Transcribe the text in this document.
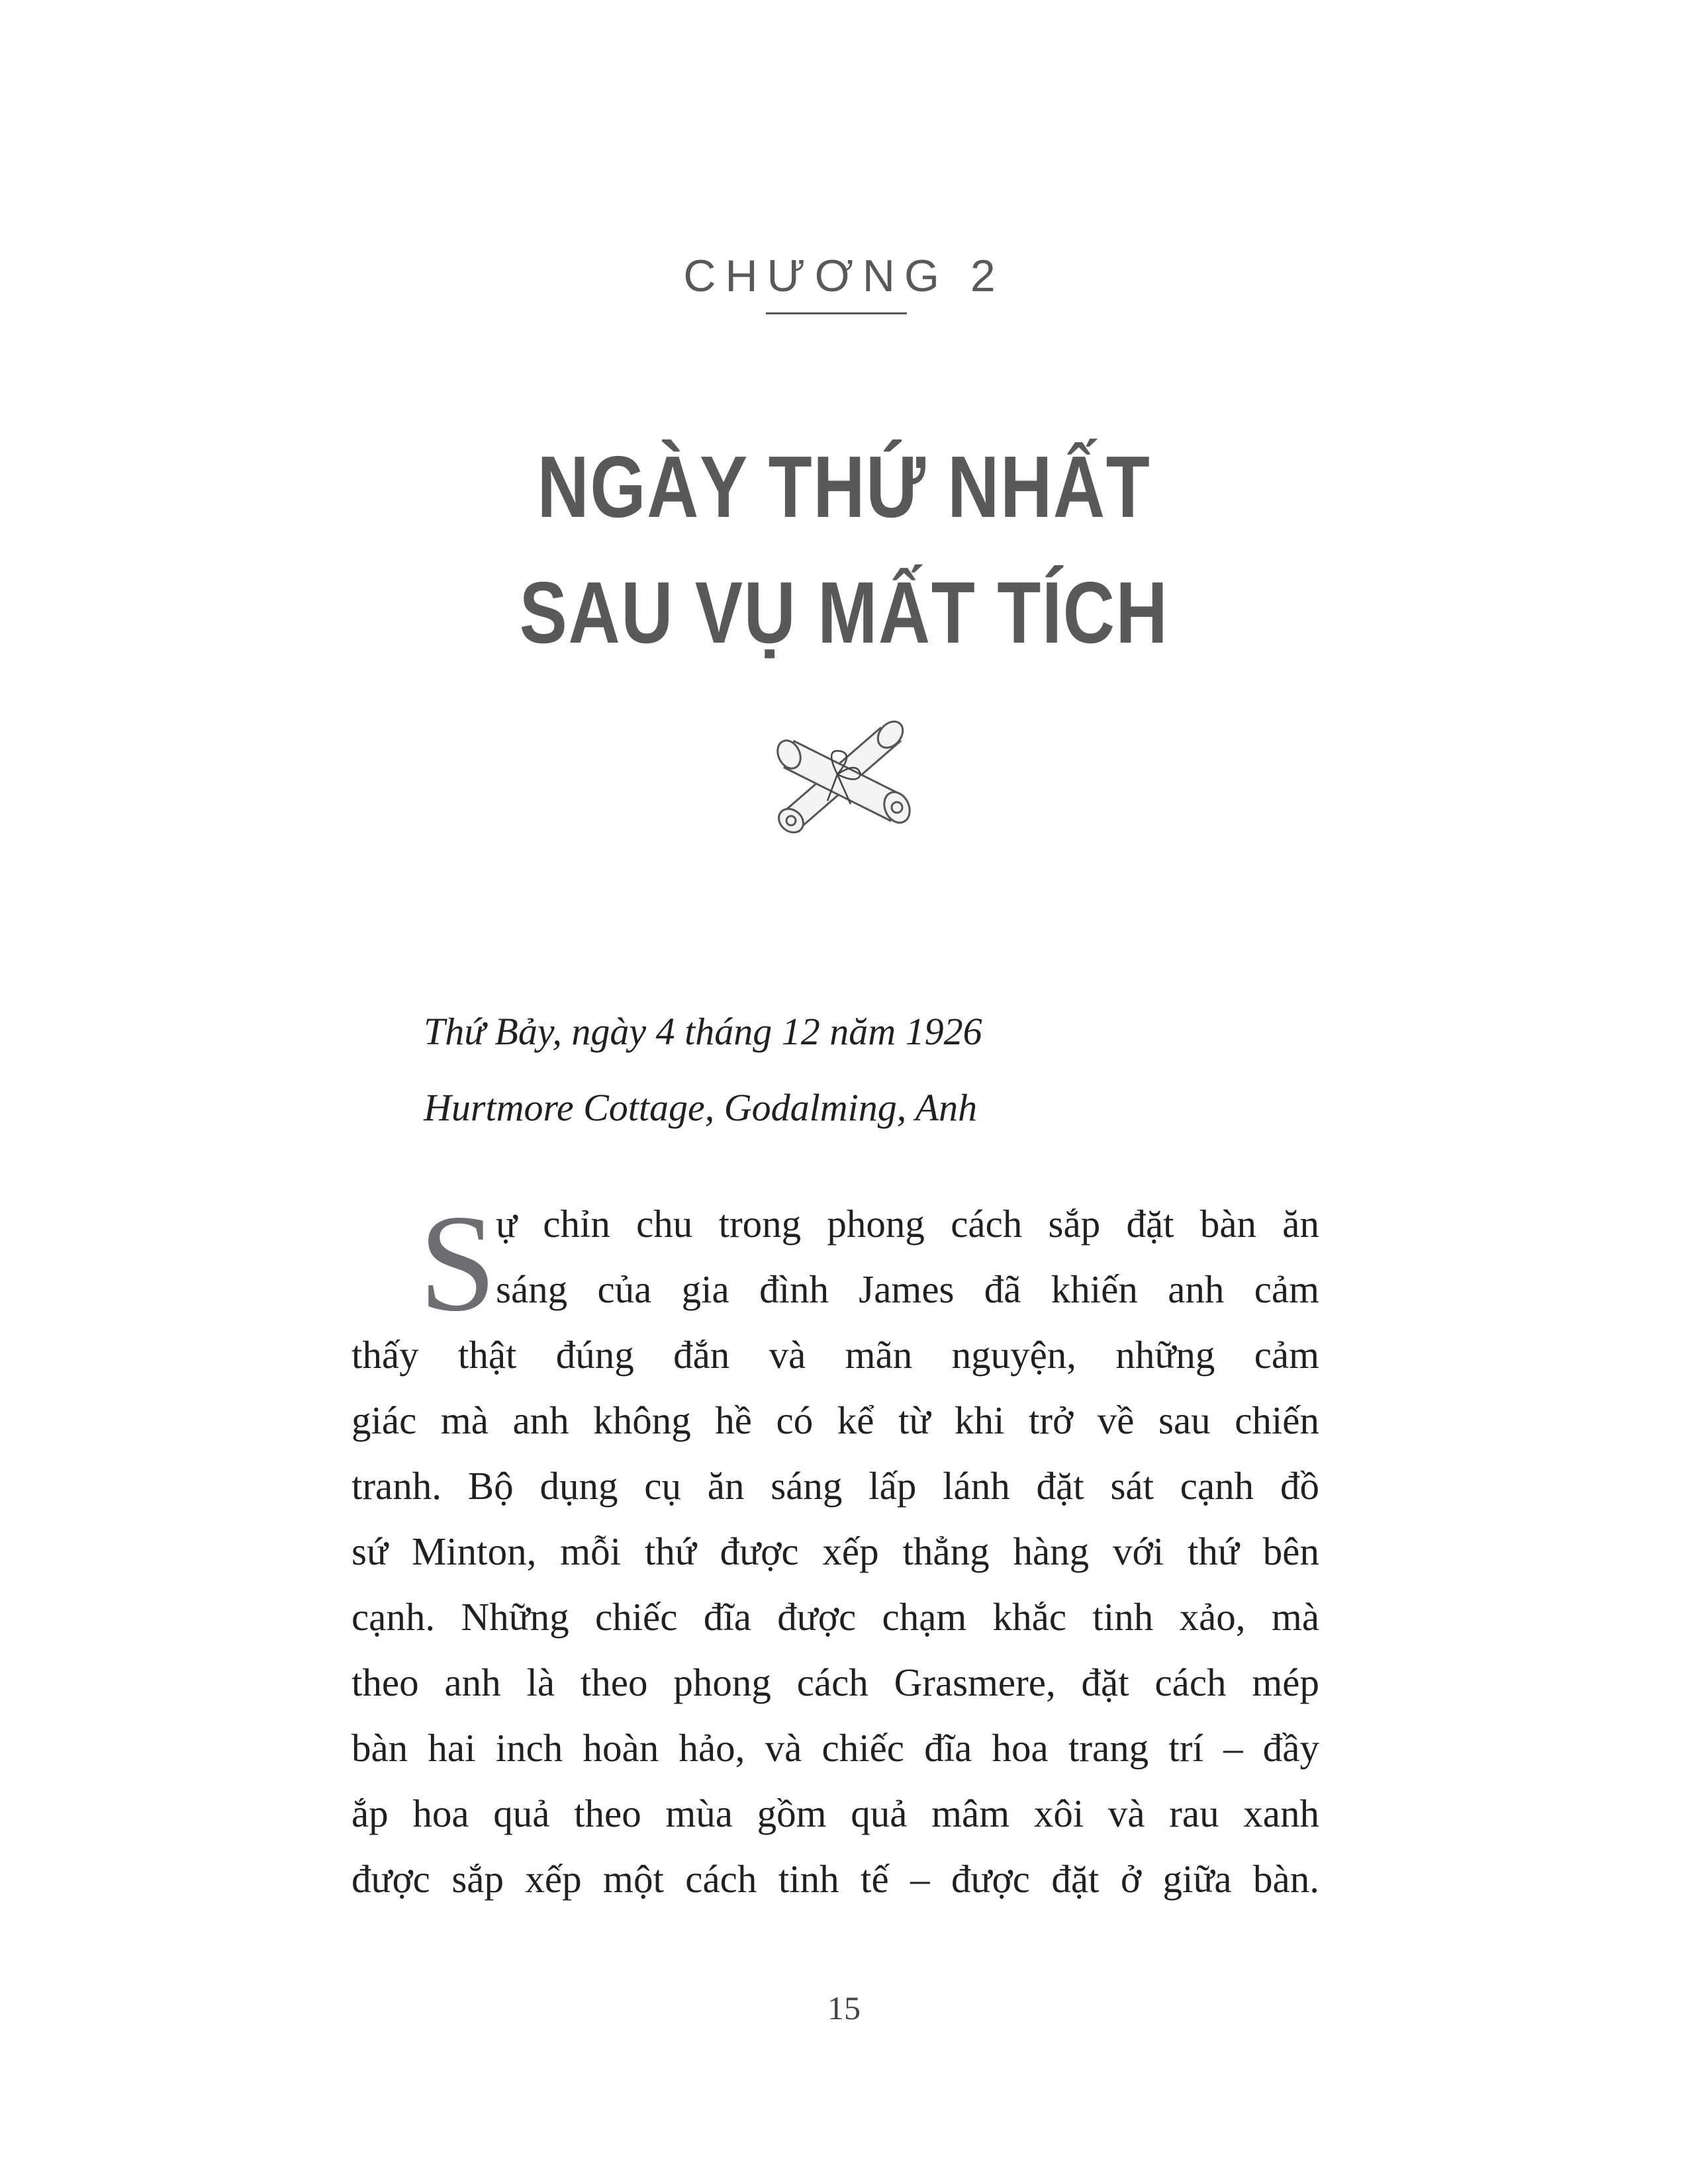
CHƯƠNG 2
NGÀY THỨ NHẤT
SAU VỤ MẤT TÍCH
Thứ Bảy, ngày 4 tháng 12 năm 1926
Hurtmore Cottage, Godalming, Anh
S ự chỉn chu trong phong cách sắp đặt bàn ăn
sáng của gia đình James đã khiến anh cảm
thấy thật đúng đắn và mãn nguyện, những cảm
giác mà anh không hề có kể từ khi trở về sau chiến
tranh. Bộ dụng cụ ăn sáng lấp lánh đặt sát cạnh đồ
sứ Minton, mỗi thứ được xếp thẳng hàng với thứ bên
cạnh. Những chiếc đĩa được chạm khắc tinh xảo, mà
theo anh là theo phong cách Grasmere, đặt cách mép
bàn hai inch hoàn hảo, và chiếc đĩa hoa trang trí – đầy
ắp hoa quả theo mùa gồm quả mâm xôi và rau xanh
được sắp xếp một cách tinh tế – được đặt ở giữa bàn.
15
